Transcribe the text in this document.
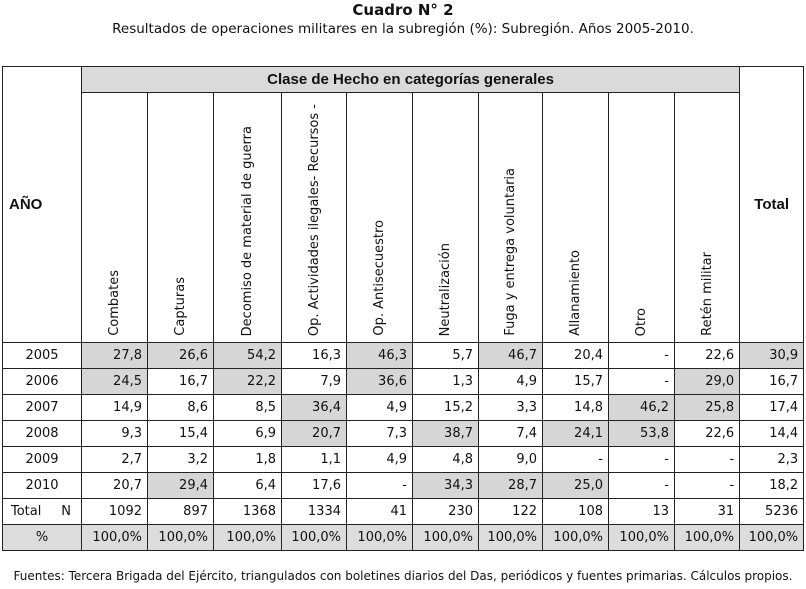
Cuadro N° 2
Resultados de operaciones militares en la subregión (%): Subregión. Años 2005-2010.
AÑO	Clase de Hecho en categorías generales										Total

	Combates	Capturas	Decomiso de material de guerra	Op. Actividades ilegales- Recursos -	Op. Antisecuestro	Neutralización	Fuga y entrega voluntaria	Allanamiento	Otro	Retén militar	

2005	27,8	26,6	54,2	16,3	46,3	5,7	46,7	20,4	-	22,6	30,9
2006	24,5	16,7	22,2	7,9	36,6	1,3	4,9	15,7	-	29,0	16,7
2007	14,9	8,6	8,5	36,4	4,9	15,2	3,3	14,8	46,2	25,8	17,4
2008	9,3	15,4	6,9	20,7	7,3	38,7	7,4	24,1	53,8	22,6	14,4
2009	2,7	3,2	1,8	1,1	4,9	4,8	9,0	-	-	-	2,3
2010	20,7	29,4	6,4	17,6	-	34,3	28,7	25,0	-	-	18,2
Total N	1092	897	1368	1334	41	230	122	108	13	31	5236
%	100,0%	100,0%	100,0%	100,0%	100,0%	100,0%	100,0%	100,0%	100,0%	100,0%	100,0%
Fuentes: Tercera Brigada del Ejército, triangulados con boletines diarios del Das, periódicos y fuentes primarias. Cálculos propios.
